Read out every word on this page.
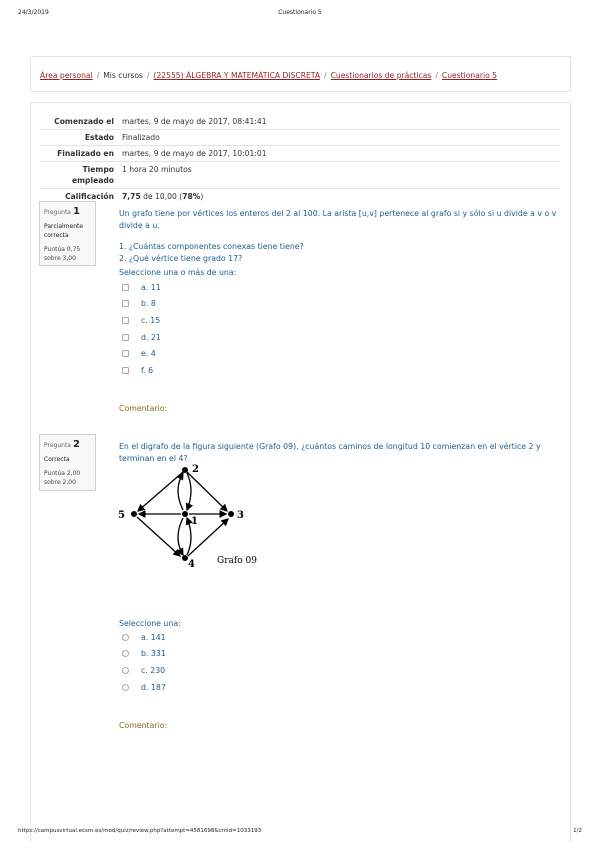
24/3/2019	Cuestionario 5
Área personal / Mis cursos / (22555) ÁLGEBRA Y MATEMÁTICA DISCRETA / Cuestionarios de prácticas / Cuestionario 5
Comenzado el	martes, 9 de mayo de 2017, 08:41:41
Estado	Finalizado
Finalizado en	martes, 9 de mayo de 2017, 10:01:01
Tiempo empleado	1 hora 20 minutos
Calificación	7,75 de 10,00 (78%)
Pregunta 1
Parcialmente correcta
Puntúa 0,75 sobre 3,00
Un grafo tiene por vértices los enteros del 2 al 100. La arista [u,v] pertenece al grafo si y sólo si u divide a v o v divide a u.
1. ¿Cuántas componentes conexas tiene tiene?
2. ¿Qué vértice tiene grado 17?
Seleccione una o más de una:
a. 11
b. 8
c. 15
d. 21
e. 4
f. 6
Comentario:
Pregunta 2
Correcta
Puntúa 2,00 sobre 2,00
En el digrafo de la figura siguiente (Grafo 09), ¿cuántos caminos de longitud 10 comienzan en el vértice 2 y terminan en el 4?
2
5
1
3
4 Grafo 09
Seleccione una:
a. 141
b. 331
c. 230
d. 187
Comentario:
https://campusvirtual.ecsm.es/mod/quiz/review.php?attempt=4581698&cmid=1033193	1/2
